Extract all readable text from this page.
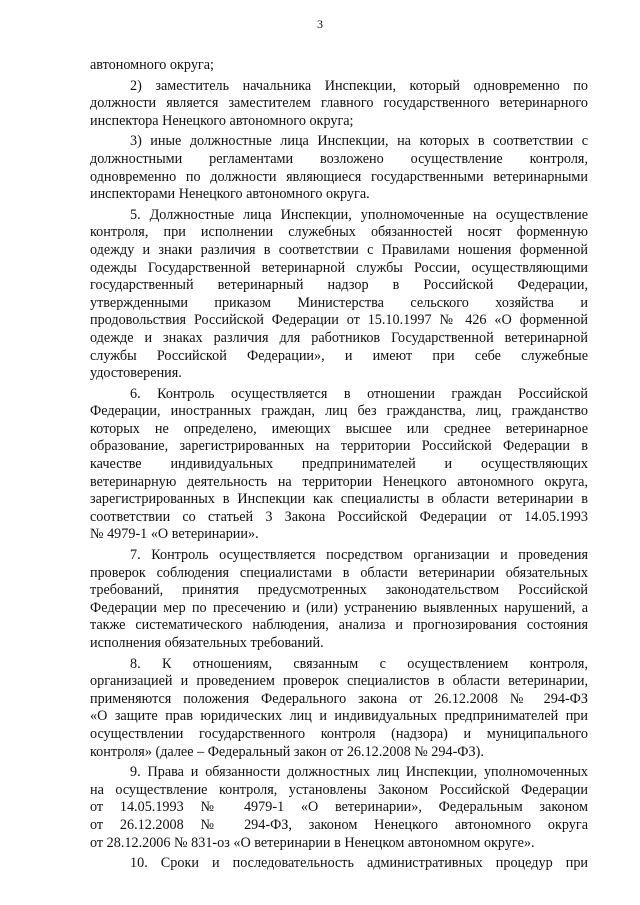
3
автономного округа;
2) заместитель начальника Инспекции, который одновременно по
должности является заместителем главного государственного ветеринарного
инспектора Ненецкого автономного округа;
3) иные должностные лица Инспекции, на которых в соответствии с
должностными регламентами возложено осуществление контроля,
одновременно по должности являющиеся государственными ветеринарными
инспекторами Ненецкого автономного округа.
5. Должностные лица Инспекции, уполномоченные на осуществление
контроля, при исполнении служебных обязанностей носят форменную
одежду и знаки различия в соответствии с Правилами ношения форменной
одежды Государственной ветеринарной службы России, осуществляющими
государственный ветеринарный надзор в Российской Федерации,
утвержденными приказом Министерства сельского хозяйства и
продовольствия Российской Федерации от 15.10.1997 № 426 «О форменной
одежде и знаках различия для работников Государственной ветеринарной
службы Российской Федерации», и имеют при себе служебные
удостоверения.
6. Контроль осуществляется в отношении граждан Российской
Федерации, иностранных граждан, лиц без гражданства, лиц, гражданство
которых не определено, имеющих высшее или среднее ветеринарное
образование, зарегистрированных на территории Российской Федерации в
качестве индивидуальных предпринимателей и осуществляющих
ветеринарную деятельность на территории Ненецкого автономного округа,
зарегистрированных в Инспекции как специалисты в области ветеринарии в
соответствии со статьей 3 Закона Российской Федерации от 14.05.1993
№ 4979-1 «О ветеринарии».
7. Контроль осуществляется посредством организации и проведения
проверок соблюдения специалистами в области ветеринарии обязательных
требований, принятия предусмотренных законодательством Российской
Федерации мер по пресечению и (или) устранению выявленных нарушений, а
также систематического наблюдения, анализа и прогнозирования состояния
исполнения обязательных требований.
8. К отношениям, связанным с осуществлением контроля,
организацией и проведением проверок специалистов в области ветеринарии,
применяются положения Федерального закона от 26.12.2008 № 294-ФЗ
«О защите прав юридических лиц и индивидуальных предпринимателей при
осуществлении государственного контроля (надзора) и муниципального
контроля» (далее – Федеральный закон от 26.12.2008 № 294-ФЗ).
9. Права и обязанности должностных лиц Инспекции, уполномоченных
на осуществление контроля, установлены Законом Российской Федерации
от 14.05.1993 № 4979-1 «О ветеринарии», Федеральным законом
от 26.12.2008 № 294-ФЗ, законом Ненецкого автономного округа
от 28.12.2006 № 831-оз «О ветеринарии в Ненецком автономном округе».
10. Сроки и последовательность административных процедур при
